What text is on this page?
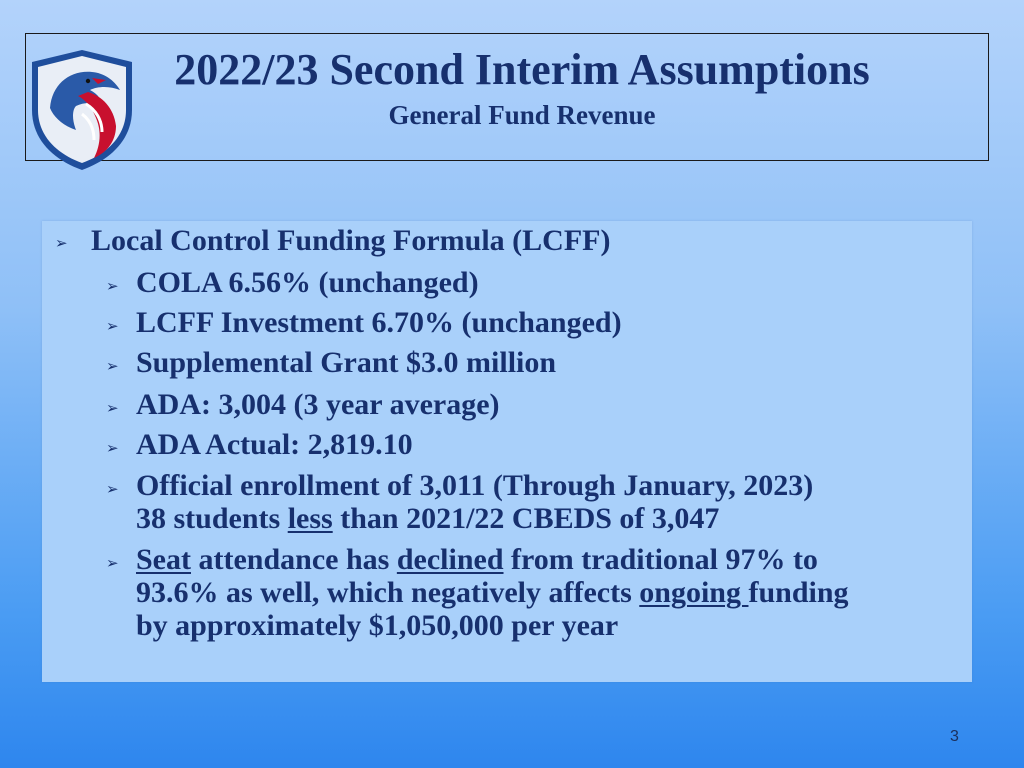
2022/23 Second Interim Assumptions
General Fund Revenue
➢ Local Control Funding Formula (LCFF)
➢ COLA 6.56% (unchanged)
➢ LCFF Investment 6.70% (unchanged)
➢ Supplemental Grant $3.0 million
➢ ADA: 3,004 (3 year average)
➢ ADA Actual: 2,819.10
➢ Official enrollment of 3,011 (Through January, 2023)
38 students less than 2021/22 CBEDS of 3,047
➢ Seat attendance has declined from traditional 97% to
93.6% as well, which negatively affects ongoing funding
by approximately $1,050,000 per year
3
